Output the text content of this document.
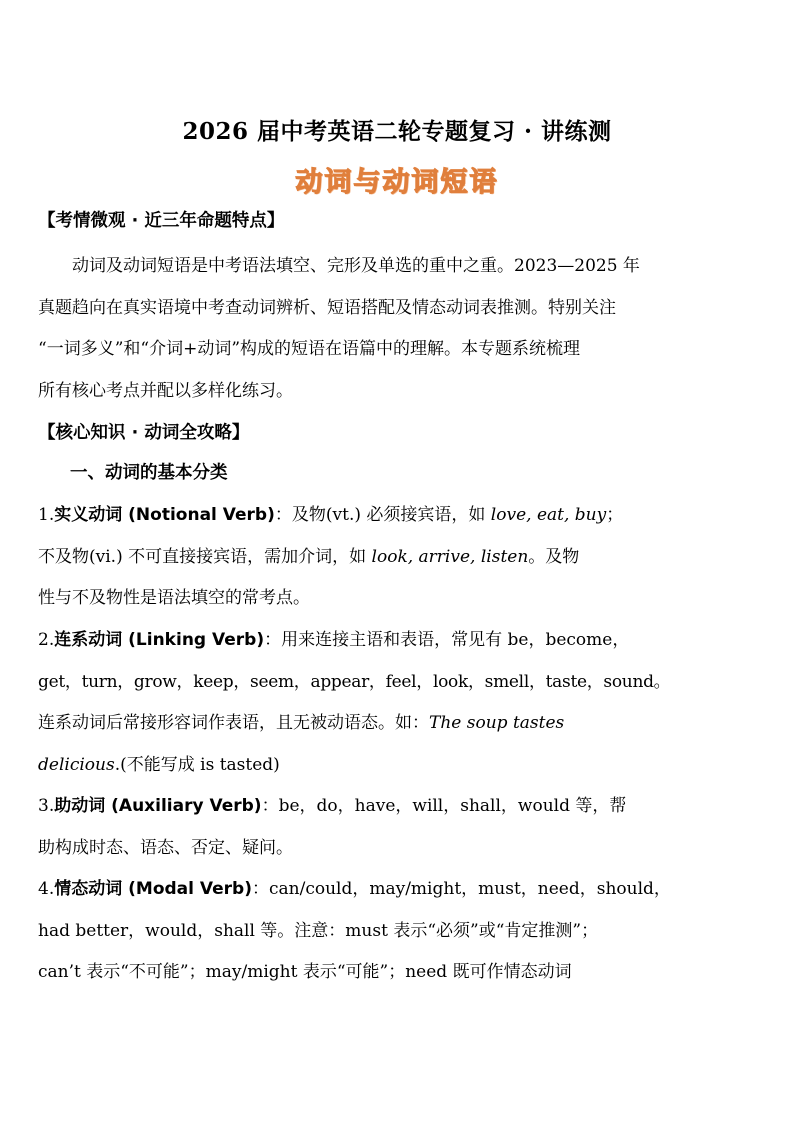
2026 届中考英语二轮专题复习 · 讲练测
动词与动词短语
【考情微观 · 近三年命题特点】
动词及动词短语是中考语法填空、完形及单选的重中之重。2023—2025 年
真题趋向在真实语境中考查动词辨析、短语搭配及情态动词表推测。特别关注
“一词多义”和“介词+动词”构成的短语在语篇中的理解。本专题系统梳理
所有核心考点并配以多样化练习。
【核心知识 · 动词全攻略】
一、动词的基本分类
1.实义动词 (Notional Verb)：及物(vt.) 必须接宾语，如 love, eat, buy；
不及物(vi.) 不可直接接宾语，需加介词，如 look, arrive, listen。及物
性与不及物性是语法填空的常考点。
2.连系动词 (Linking Verb)：用来连接主语和表语，常见有 be，become，
get，turn，grow，keep，seem，appear，feel，look，smell，taste，sound。
连系动词后常接形容词作表语，且无被动语态。如：The soup tastes
delicious.(不能写成 is tasted)
3.助动词 (Auxiliary Verb)：be，do，have，will，shall，would 等，帮
助构成时态、语态、否定、疑问。
4.情态动词 (Modal Verb)：can/could，may/might，must，need，should，
had better，would，shall 等。注意：must 表示“必须”或“肯定推测”；
can’t 表示“不可能”；may/might 表示“可能”；need 既可作情态动词
